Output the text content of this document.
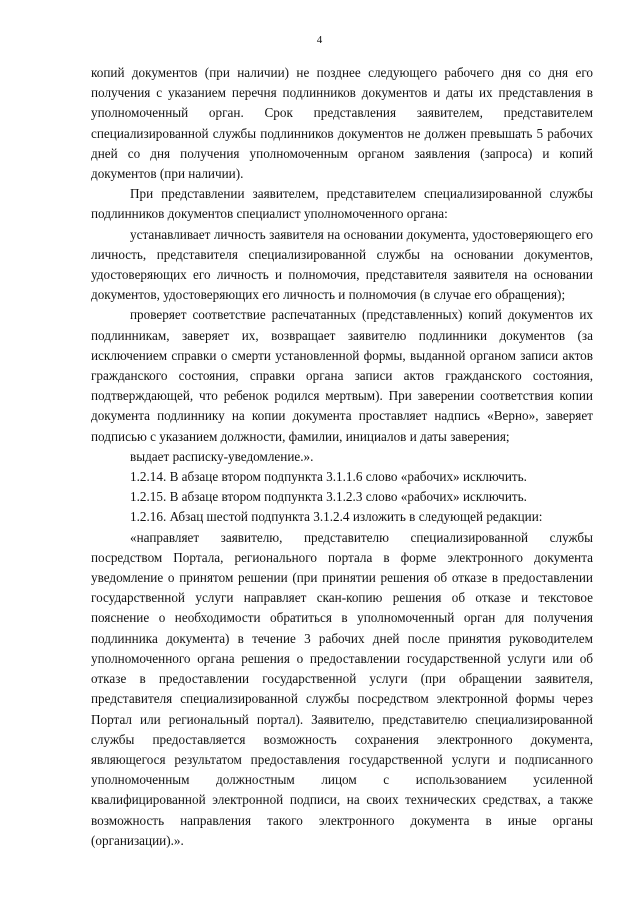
4

копий документов (при наличии) не позднее следующего рабочего дня со дня его получения с указанием перечня подлинников документов и даты их представления в уполномоченный орган. Срок представления заявителем, представителем специализированной службы подлинников документов не должен превышать 5 рабочих дней со дня получения уполномоченным органом заявления (запроса) и копий документов (при наличии).

При представлении заявителем, представителем специализированной службы подлинников документов специалист уполномоченного органа:

устанавливает личность заявителя на основании документа, удостоверяющего его личность, представителя специализированной службы на основании документов, удостоверяющих его личность и полномочия, представителя заявителя на основании документов, удостоверяющих его личность и полномочия (в случае его обращения);

проверяет соответствие распечатанных (представленных) копий документов их подлинникам, заверяет их, возвращает заявителю подлинники документов (за исключением справки о смерти установленной формы, выданной органом записи актов гражданского состояния, справки органа записи актов гражданского состояния, подтверждающей, что ребенок родился мертвым). При заверении соответствия копии документа подлиннику на копии документа проставляет надпись «Верно», заверяет подписью с указанием должности, фамилии, инициалов и даты заверения;

выдает расписку-уведомление.».

1.2.14. В абзаце втором подпункта 3.1.1.6 слово «рабочих» исключить.

1.2.15. В абзаце втором подпункта 3.1.2.3 слово «рабочих» исключить.

1.2.16. Абзац шестой подпункта 3.1.2.4 изложить в следующей редакции:

«направляет заявителю, представителю специализированной службы посредством Портала, регионального портала в форме электронного документа уведомление о принятом решении (при принятии решения об отказе в предоставлении государственной услуги направляет скан-копию решения об отказе и текстовое пояснение о необходимости обратиться в уполномоченный орган для получения подлинника документа) в течение 3 рабочих дней после принятия руководителем уполномоченного органа решения о предоставлении государственной услуги или об отказе в предоставлении государственной услуги (при обращении заявителя, представителя специализированной службы посредством электронной формы через Портал или региональный портал). Заявителю, представителю специализированной службы предоставляется возможность сохранения электронного документа, являющегося результатом предоставления государственной услуги и подписанного уполномоченным должностным лицом с использованием усиленной квалифицированной электронной подписи, на своих технических средствах, а также возможность направления такого электронного документа в иные органы (организации).».
